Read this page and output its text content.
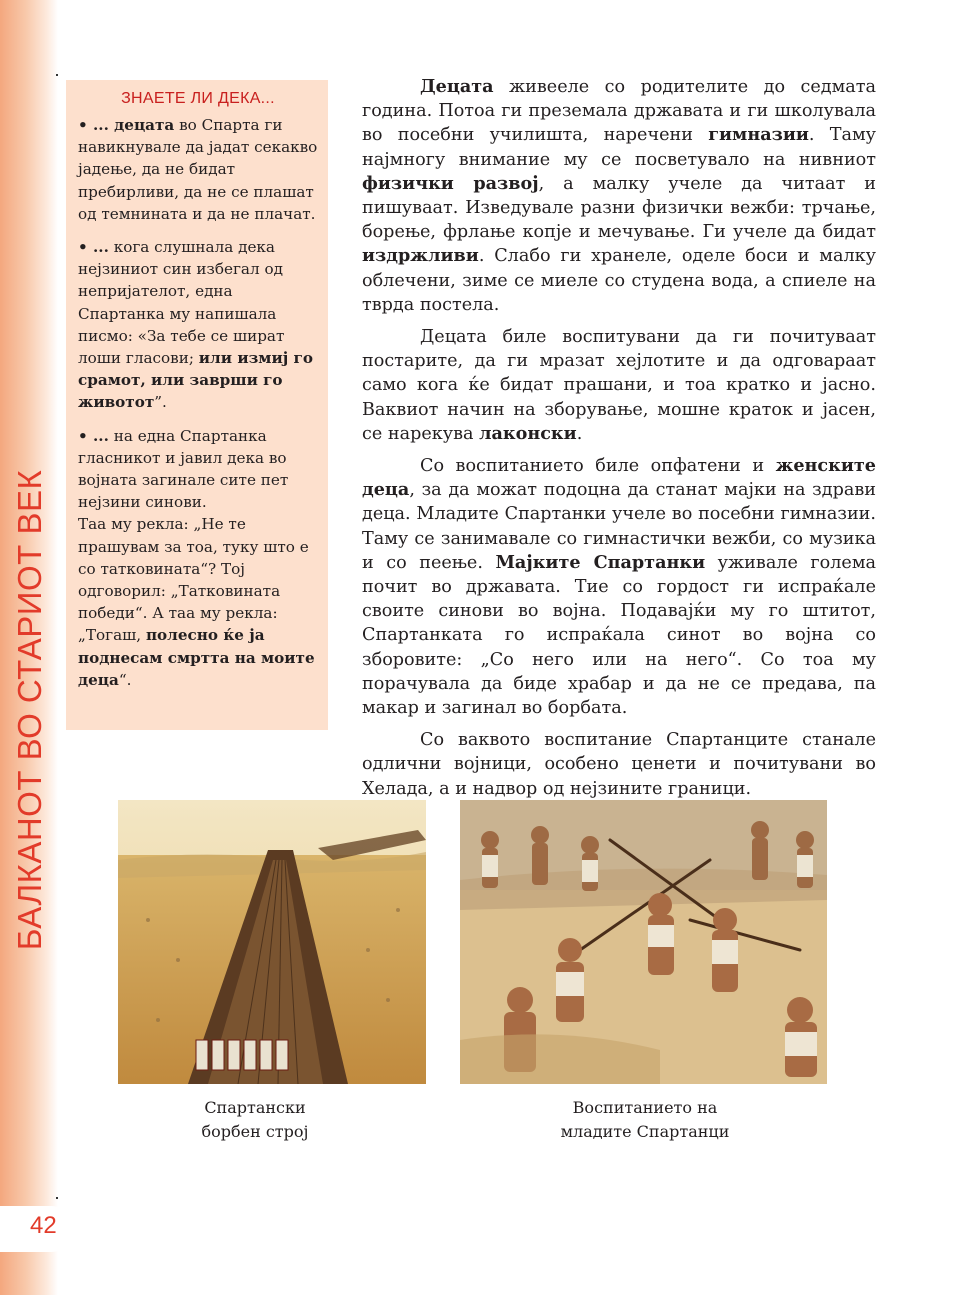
БАЛКАНОТ ВО СТАРИОТ ВЕК
42
ЗНАЕТЕ ЛИ ДЕКА...

• ... децата во Спарта ги навикнувале да јадат секакво јадење, да не бидат пребирливи, да не се плашат од темнината и да не плачат.

• ... кога слушнала дека нејзиниот син избегал од непријателот, една Спартанка му напишала писмо: «За тебе се шират лоши гласови; или измиј го срамот, или заврши го животот”.

• ... на една Спартанка гласникот и јавил дека во војната загинале сите пет нејзини синови.
Таа му рекла: „Не те прашувам за тоа, туку што е со татковината“? Тој одговорил: „Татковината победи“. А таа му рекла: „Тогаш, полесно ќе ја поднесам смртта на моите деца“.

Децата живееле со родителите до седмата година. Потоа ги преземала државата и ги школувала во посебни училишта, наречени гимназии. Таму најмногу внимание му се посветувало на нивниот физички развој, а малку учеле да читаат и пишуваат. Изведувале разни физички вежби: трчање, борење, фрлање копје и мечување. Ги учеле да бидат издржливи. Слабо ги хранеле, оделе боси и малку облечени, зиме се миеле со студена вода, а спиеле на тврда постела.

Децата биле воспитувани да ги почитуваат постарите, да ги мразат хејлотите и да одговараат само кога ќе бидат прашани, и тоа кратко и јасно. Ваквиот начин на зборување, мошне краток и јасен, се нарекува лаконски.

Со воспитанието биле опфатени и женските деца, за да можат подоцна да станат мајки на здрави деца. Младите Спартанки учеле во посебни гимназии. Таму се занимавале со гимнастички вежби, со музика и со пеење. Мајките Спартанки уживале голема почит во државата. Тие со гордост ги испраќале своите синови во војна. Подавајќи му го штитот, Спартанката го испраќала синот во војна со зборовите: „Со него или на него“. Со тоа му порачувала да биде храбар и да не се предава, па макар и загинал во борбата.

Со ваквото воспитание Спартанците станале одлични војници, особено ценети и почитувани во Хелада, а и надвор од нејзините граници.

Спартански
борбен строј
Воспитанието на
младите Спартанци
